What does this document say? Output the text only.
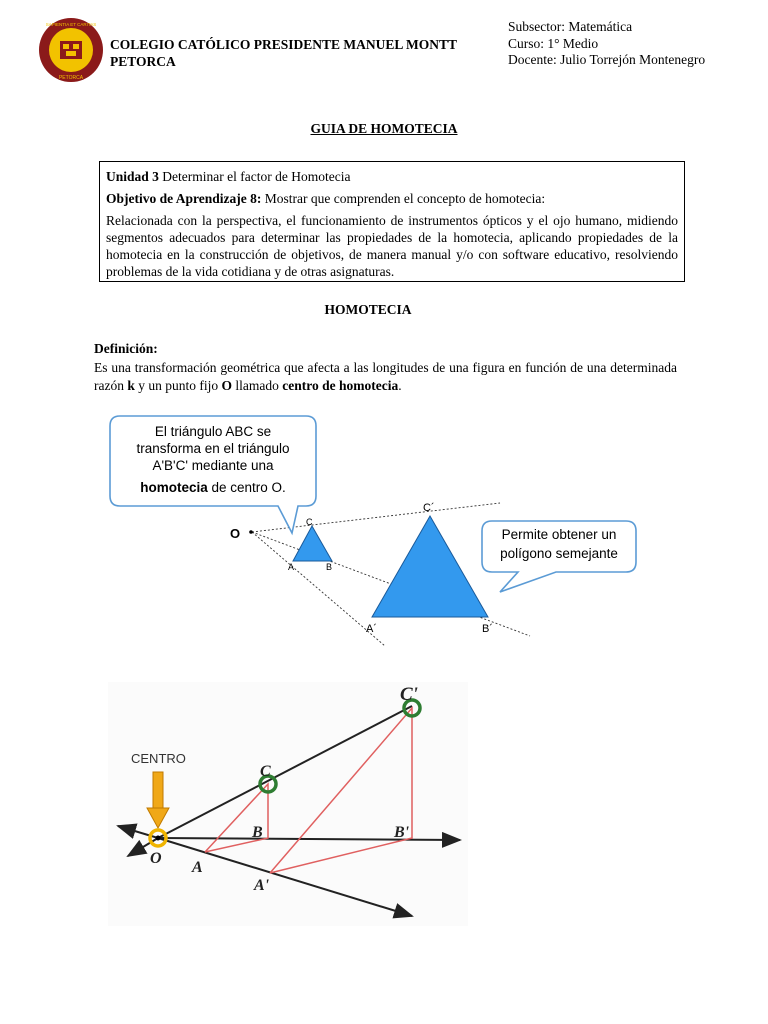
SAPIENTIA ET CARITAS
PETORCA
COLEGIO CATÓLICO PRESIDENTE MANUEL MONTT
PETORCA
Subsector: Matemática
Curso: 1° Medio
Docente: Julio Torrejón Montenegro
GUIA DE HOMOTECIA

Unidad 3 Determinar el factor de Homotecia

Objetivo de Aprendizaje 8: Mostrar que comprenden el concepto de homotecia:

Relacionada con la perspectiva, el funcionamiento de instrumentos ópticos y el ojo humano, midiendo segmentos adecuados para determinar las propiedades de la homotecia, aplicando propiedades de la homotecia en la construcción de objetivos, de manera manual y/o con software educativo, resolviendo problemas de la vida cotidiana y de otras asignaturas.

HOMOTECIA
Definición:
Es una transformación geométrica que afecta a las longitudes de una figura en función de una determinada razón k y un punto fijo O llamado centro de homotecia.
O
C
A	B
C´
A´	B´
El triángulo ABC se
transforma en el triángulo
A'B'C' mediante una
homotecia de centro O.
Permite obtener un
polígono semejante
CENTRO
O
A
B
C
A'
B'
C'
